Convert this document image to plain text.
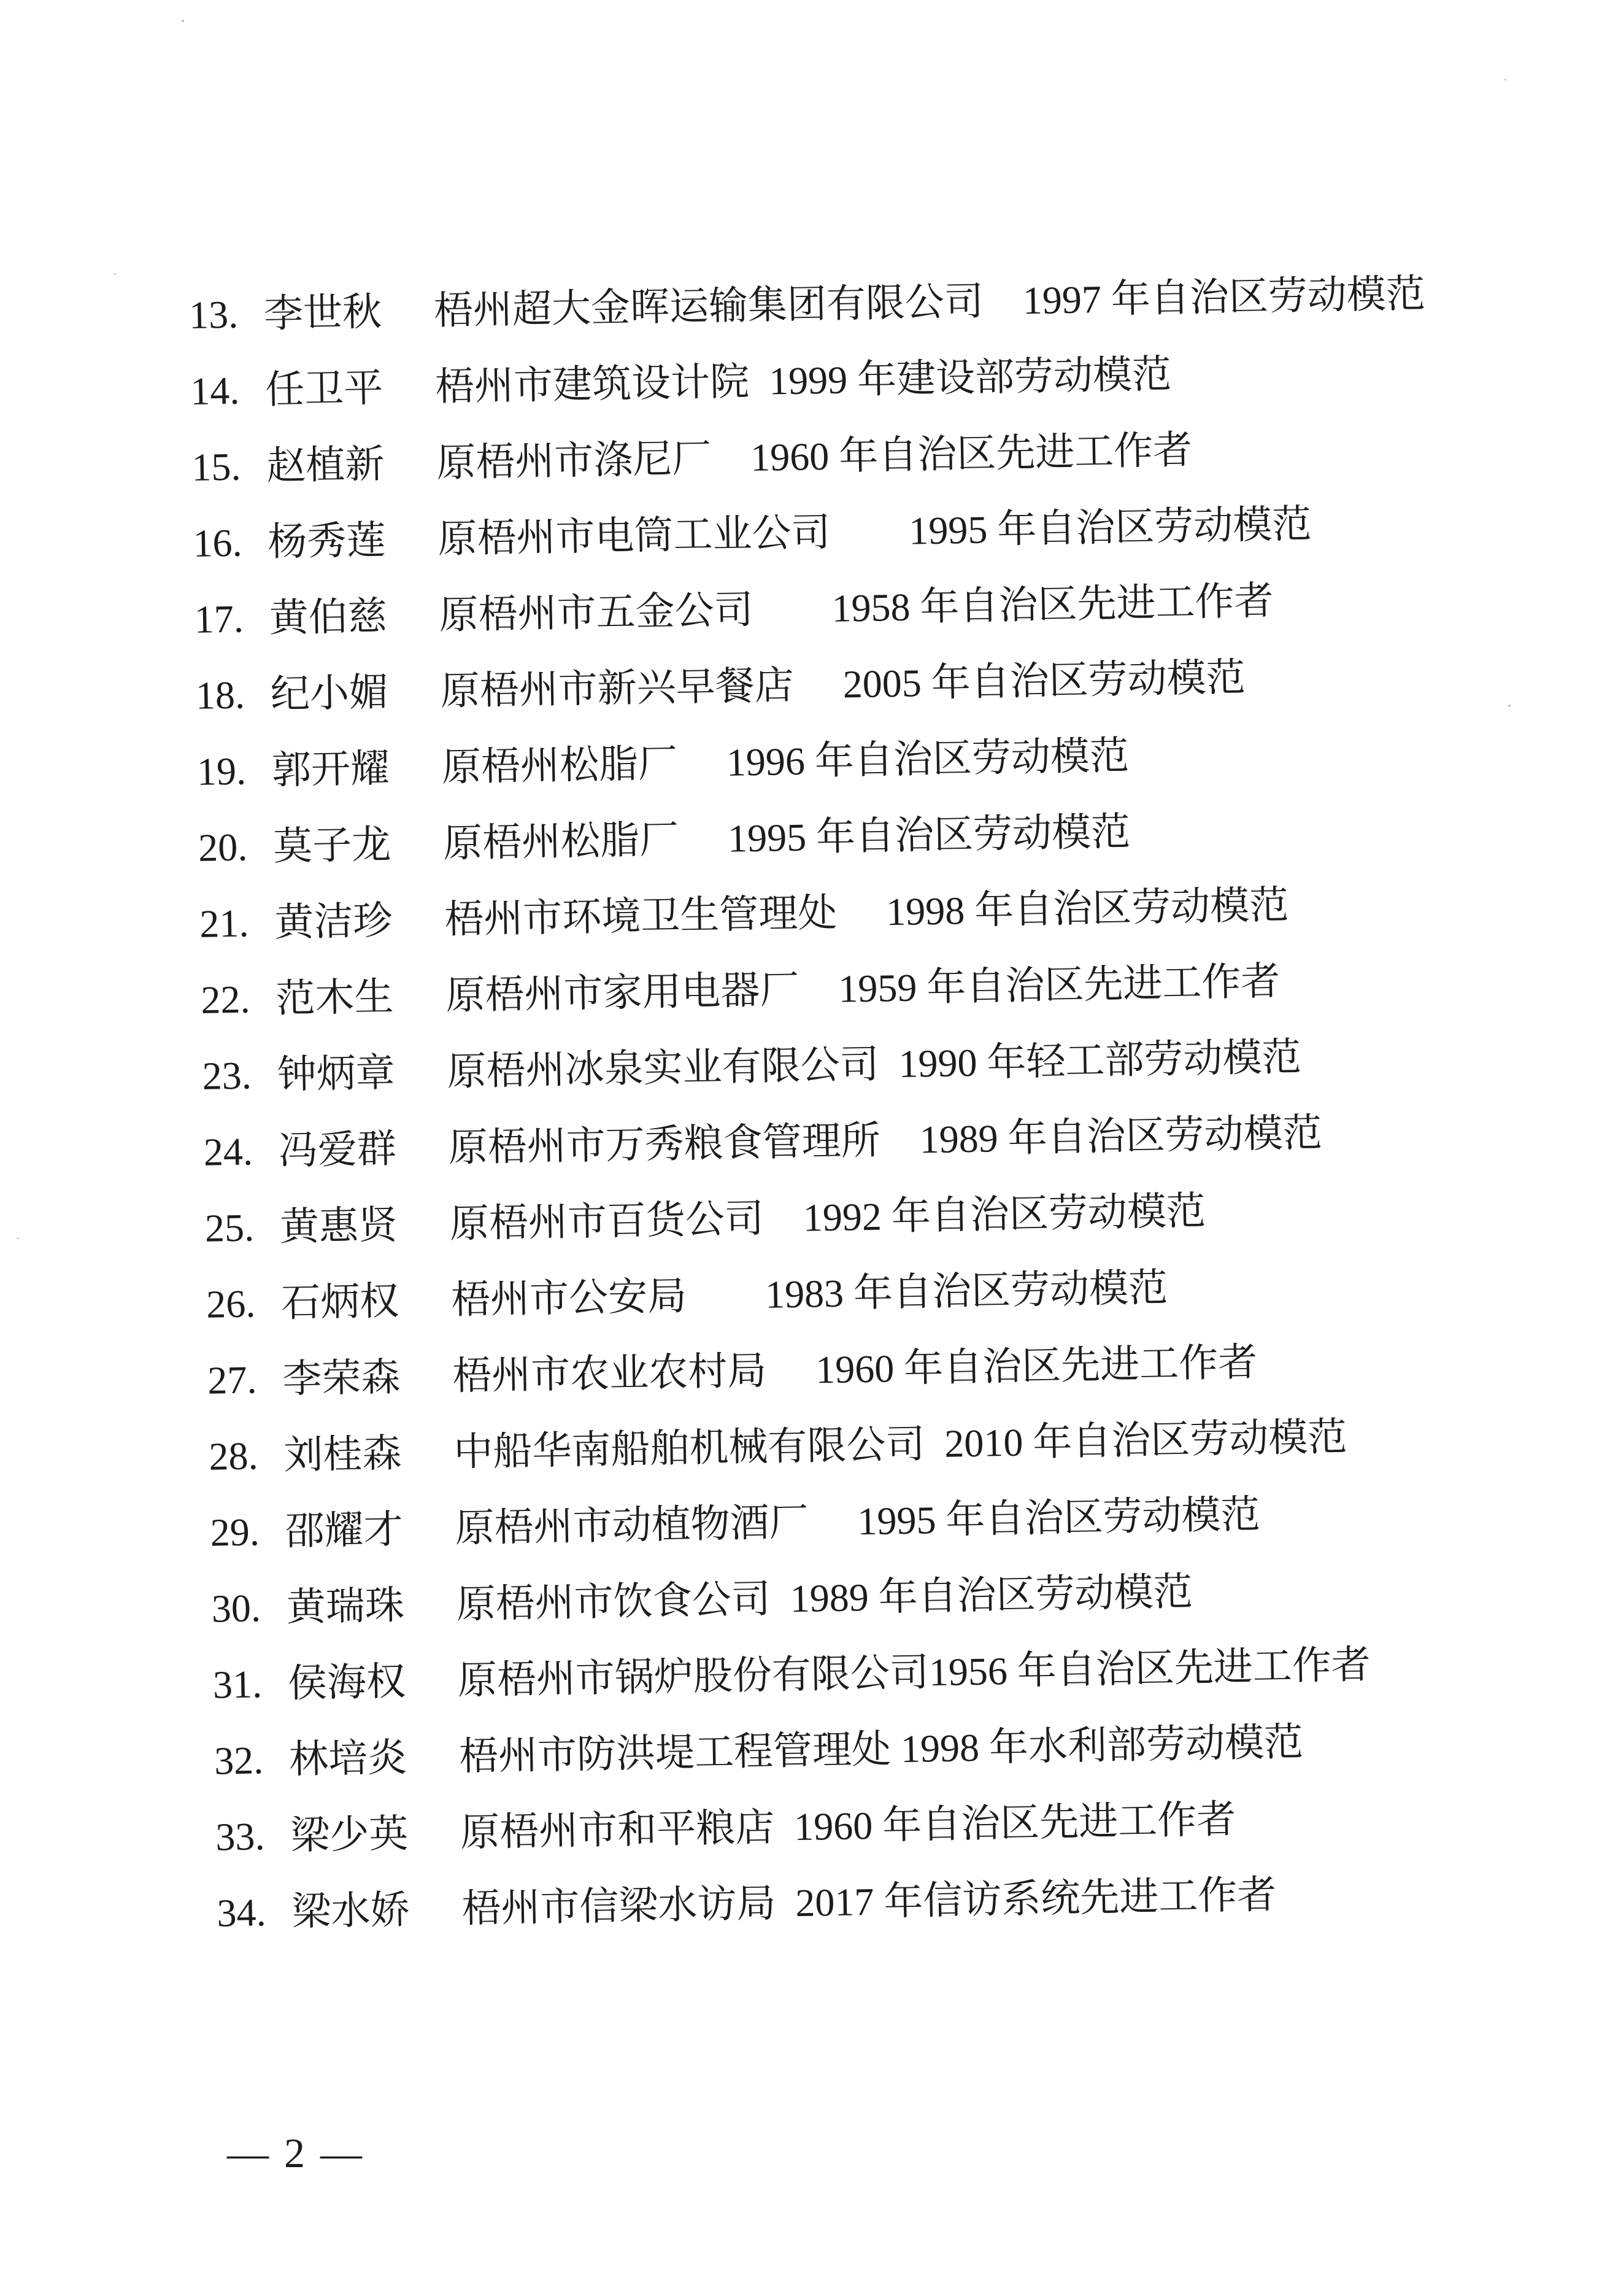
13. 李世秋 梧州超大金晖运输集团有限公司　 1997 年自治区劳动模范
14. 任卫平 梧州市建筑设计院 1999 年建设部劳动模范
15. 赵植新 原梧州市涤尼厂　 1960 年自治区先进工作者
16. 杨秀莲 原梧州市电筒工业公司　　 1995 年自治区劳动模范
17. 黄伯慈 原梧州市五金公司　　 1958 年自治区先进工作者
18. 纪小媚 原梧州市新兴早餐店　 2005 年自治区劳动模范
19. 郭开耀 原梧州松脂厂　 1996 年自治区劳动模范
20. 莫子龙 原梧州松脂厂　 1995 年自治区劳动模范
21. 黄洁珍 梧州市环境卫生管理处　 1998 年自治区劳动模范
22. 范木生 原梧州市家用电器厂　 1959 年自治区先进工作者
23. 钟炳章 原梧州冰泉实业有限公司 1990 年轻工部劳动模范
24. 冯爱群 原梧州市万秀粮食管理所　 1989 年自治区劳动模范
25. 黄惠贤 原梧州市百货公司　 1992 年自治区劳动模范
26. 石炳权 梧州市公安局　　 1983 年自治区劳动模范
27. 李荣森 梧州市农业农村局　 1960 年自治区先进工作者
28. 刘桂森 中船华南船舶机械有限公司 2010 年自治区劳动模范
29. 邵耀才 原梧州市动植物酒厂　 1995 年自治区劳动模范
30. 黄瑞珠 原梧州市饮食公司 1989 年自治区劳动模范
31. 侯海权 原梧州市锅炉股份有限公司1956 年自治区先进工作者
32. 林培炎 梧州市防洪堤工程管理处 1998 年水利部劳动模范
33. 梁少英 原梧州市和平粮店 1960 年自治区先进工作者
34. 梁水娇 梧州市信梁水访局 2017 年信访系统先进工作者
— 2 —
